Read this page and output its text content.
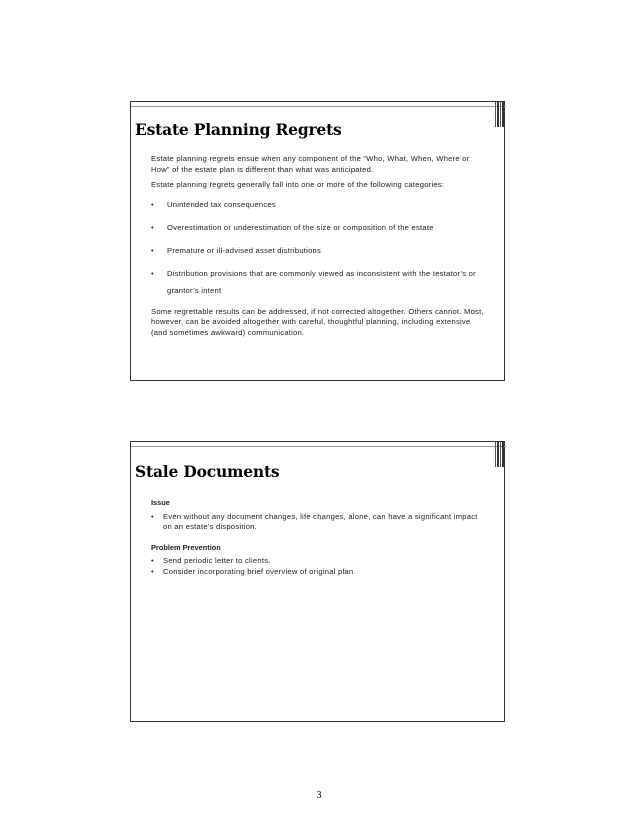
Estate Planning Regrets

Estate planning regrets ensue when any component of the “Who, What, When, Where or How” of the estate plan is different than what was anticipated.

Estate planning regrets generally fall into one or more of the following categories:

• Unintended tax consequences
• Overestimation or underestimation of the size or composition of the estate
• Premature or ill-advised asset distributions
• Distribution provisions that are commonly viewed as inconsistent with the testator’s or grantor’s intent

Some regrettable results can be addressed, if not corrected altogether. Others cannot. Most, however, can be avoided altogether with careful, thoughtful planning, including extensive (and sometimes awkward) communication.

Stale Documents

Issue

• Even without any document changes, life changes, alone, can have a significant impact on an estate’s disposition.

Problem Prevention

• Send periodic letter to clients.
• Consider incorporating brief overview of original plan.
3
